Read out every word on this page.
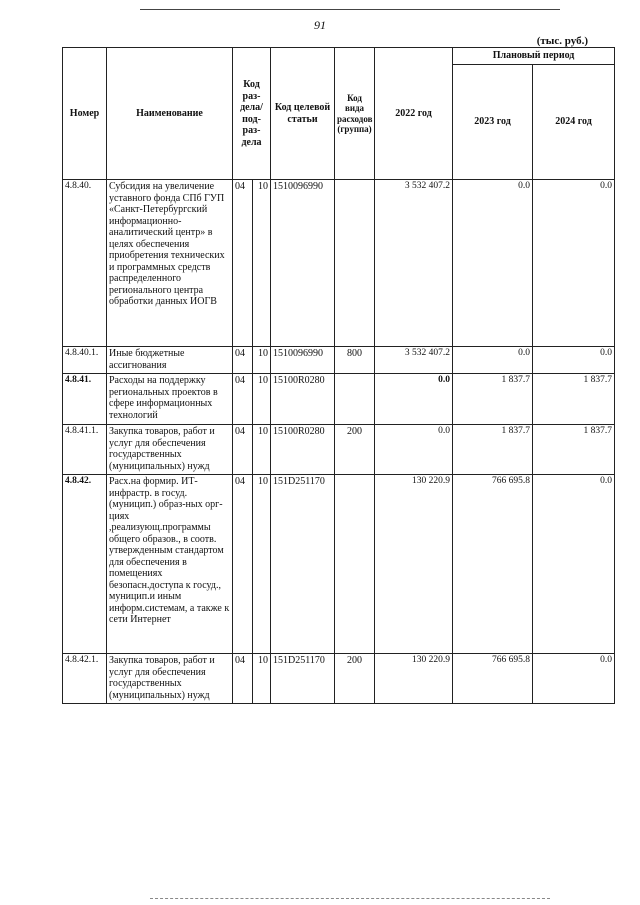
91
(тыс. руб.)
Номер	Наименование	Код раз-дела/ под-раз-дела		Код целевой статьи	Код вида расходов (группа)	2022 год	Плановый период	
							2023 год	2024 год
4.8.40.	Субсидия на увеличение уставного фонда СПб ГУП «Санкт-Петербургский информационно-аналитический центр» в целях обеспечения приобретения технических и программных средств распределенного регионального центра обработки данных ИОГВ	04	10	1510096990		3 532 407.2	0.0	0.0
4.8.40.1.	Иные бюджетные ассигнования	04	10	1510096990	800	3 532 407.2	0.0	0.0
4.8.41.	Расходы на поддержку региональных проектов в сфере информационных технологий	04	10	15100R0280		0.0	1 837.7	1 837.7
4.8.41.1.	Закупка товаров, работ и услуг для обеспечения государственных (муниципальных) нужд	04	10	15100R0280	200	0.0	1 837.7	1 837.7
4.8.42.	Расх.на формир. ИТ-инфрастр. в госуд. (муницип.) образ-ных орг-циях ,реализующ.программы общего образов., в соотв. утвержденным стандартом для обеспечения в помещениях безопасн.доступа к госуд., муницип.и иным информ.системам, а также к сети Интернет	04	10	151D251170		130 220.9	766 695.8	0.0
4.8.42.1.	Закупка товаров, работ и услуг для обеспечения государственных (муниципальных) нужд	04	10	151D251170	200	130 220.9	766 695.8	0.0
